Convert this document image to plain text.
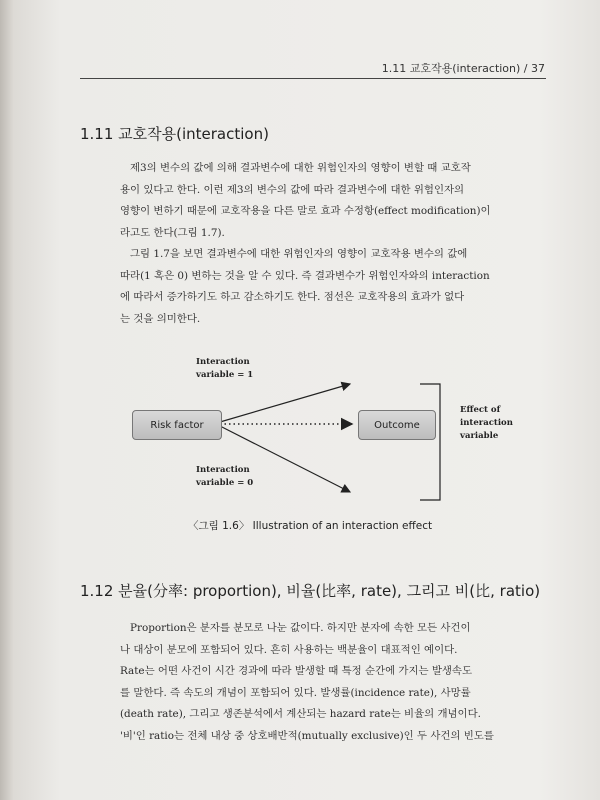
1.11 교호작용(interaction) / 37
1.11 교호작용(interaction)
제3의 변수의 값에 의해 결과변수에 대한 위험인자의 영향이 변할 때 교호작
용이 있다고 한다. 이런 제3의 변수의 값에 따라 결과변수에 대한 위험인자의
영향이 변하기 때문에 교호작용을 다른 말로 효과 수정항(effect modification)이
라고도 한다(그림 1.7).
그림 1.7을 보면 결과변수에 대한 위험인자의 영향이 교호작용 변수의 값에
따라(1 혹은 0) 변하는 것을 알 수 있다. 즉 결과변수가 위험인자와의 interaction
에 따라서 증가하기도 하고 감소하기도 한다. 점선은 교호작용의 효과가 없다
는 것을 의미한다.
Risk factor	Outcome
Interaction
variable = 1
Interaction
variable = 0
Effect of
interaction
variable
〈그림 1.6〉 Illustration of an interaction effect
1.12 분율(分率: proportion), 비율(比率, rate), 그리고 비(比, ratio)
Proportion은 분자를 분모로 나눈 값이다. 하지만 분자에 속한 모든 사건이
나 대상이 분모에 포함되어 있다. 흔히 사용하는 백분율이 대표적인 예이다.
Rate는 어떤 사건이 시간 경과에 따라 발생할 때 특정 순간에 가지는 발생속도
를 말한다. 즉 속도의 개념이 포함되어 있다. 발생률(incidence rate), 사망률
(death rate), 그리고 생존분석에서 계산되는 hazard rate는 비율의 개념이다.
'비'인 ratio는 전체 내상 중 상호배반적(mutually exclusive)인 두 사건의 빈도를
